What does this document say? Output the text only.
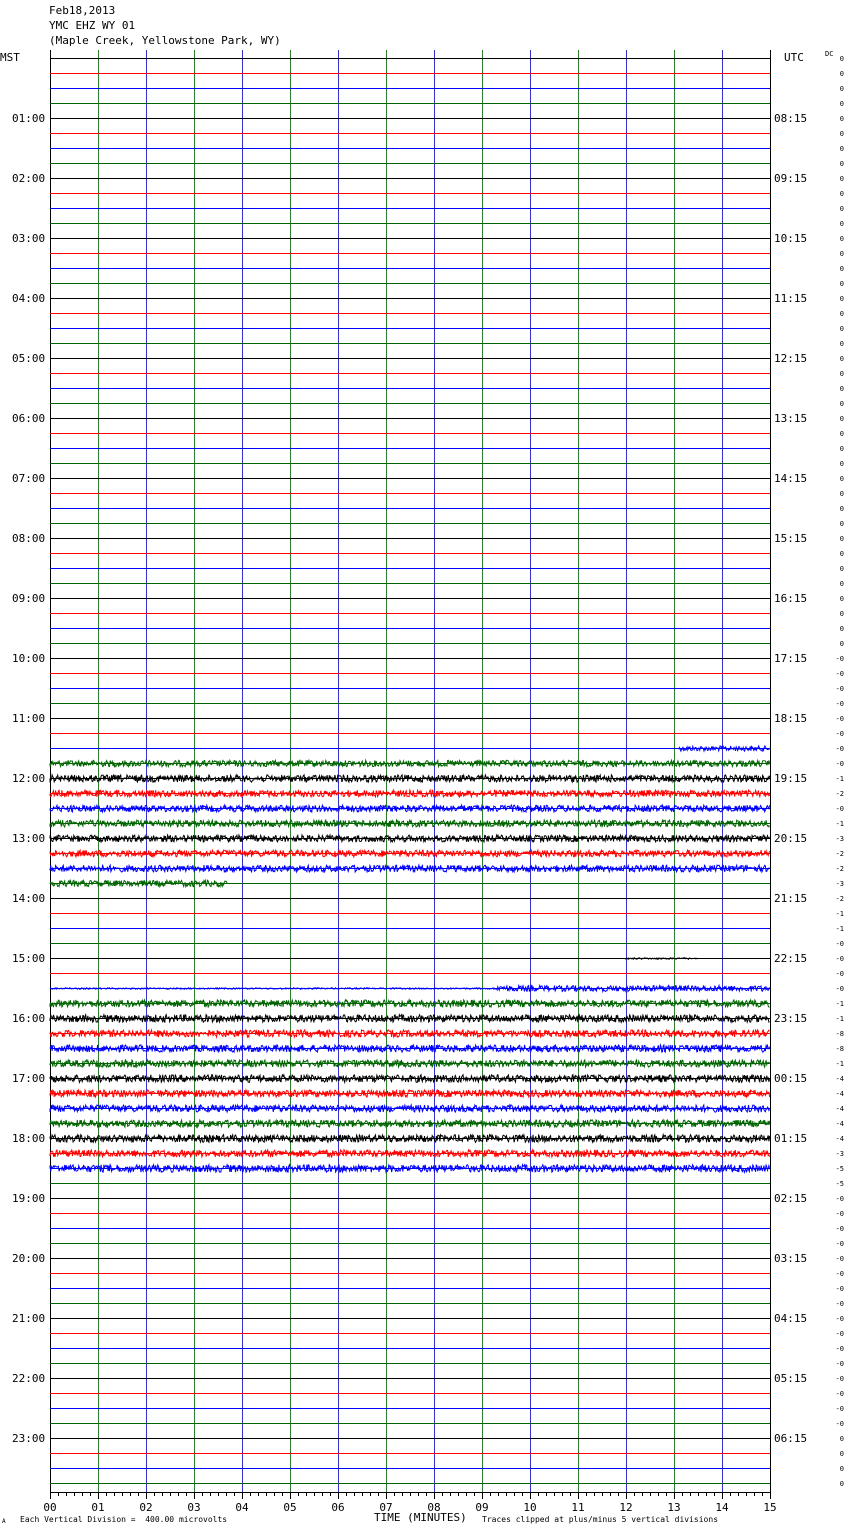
Feb18,2013
YMC EHZ WY 01
(Maple Creek, Yellowstone Park, WY)
MST	UTC	DC
01:00
02:00
03:00
04:00
05:00
06:00
07:00
08:00
09:00
10:00
11:00
12:00
13:00
14:00
15:00
16:00
17:00
18:00
19:00
20:00
21:00
22:00
23:00
08:15
09:15
10:15
11:15
12:15
13:15
14:15
15:15
16:15
17:15
18:15
19:15
20:15
21:15
22:15
23:15
00:15
01:15
02:15
03:15
04:15
05:15
06:15
0
0
0
0
0
0
0
0
0
0
0
0
0
0
0
0
0
0
0
0
0
0
0
0
0
0
0
0
0
0
0
0
0
0
0
0
0
0
0
0
-0
-0
-0
-0
-0
-0
-0
-0
-1
-2
-0
-1
-3
-2
-2
-3
-2
-1
-1
-0
-0
-0
-0
-1
-1
-8
-8
-1
-4
-4
-4
-4
-4
-3
-5
-5
-0
-0
-0
-0
-0
-0
-0
-0
-0
-0
-0
-0
-0
-0
-0
-0
0
0
0
0
00	01	02	03	04	05	06	07	08	09	10	11	12	13	14	15
A Each Vertical Division =  400.00 microvolts	TIME (MINUTES) Traces clipped at plus/minus 5 vertical divisions
